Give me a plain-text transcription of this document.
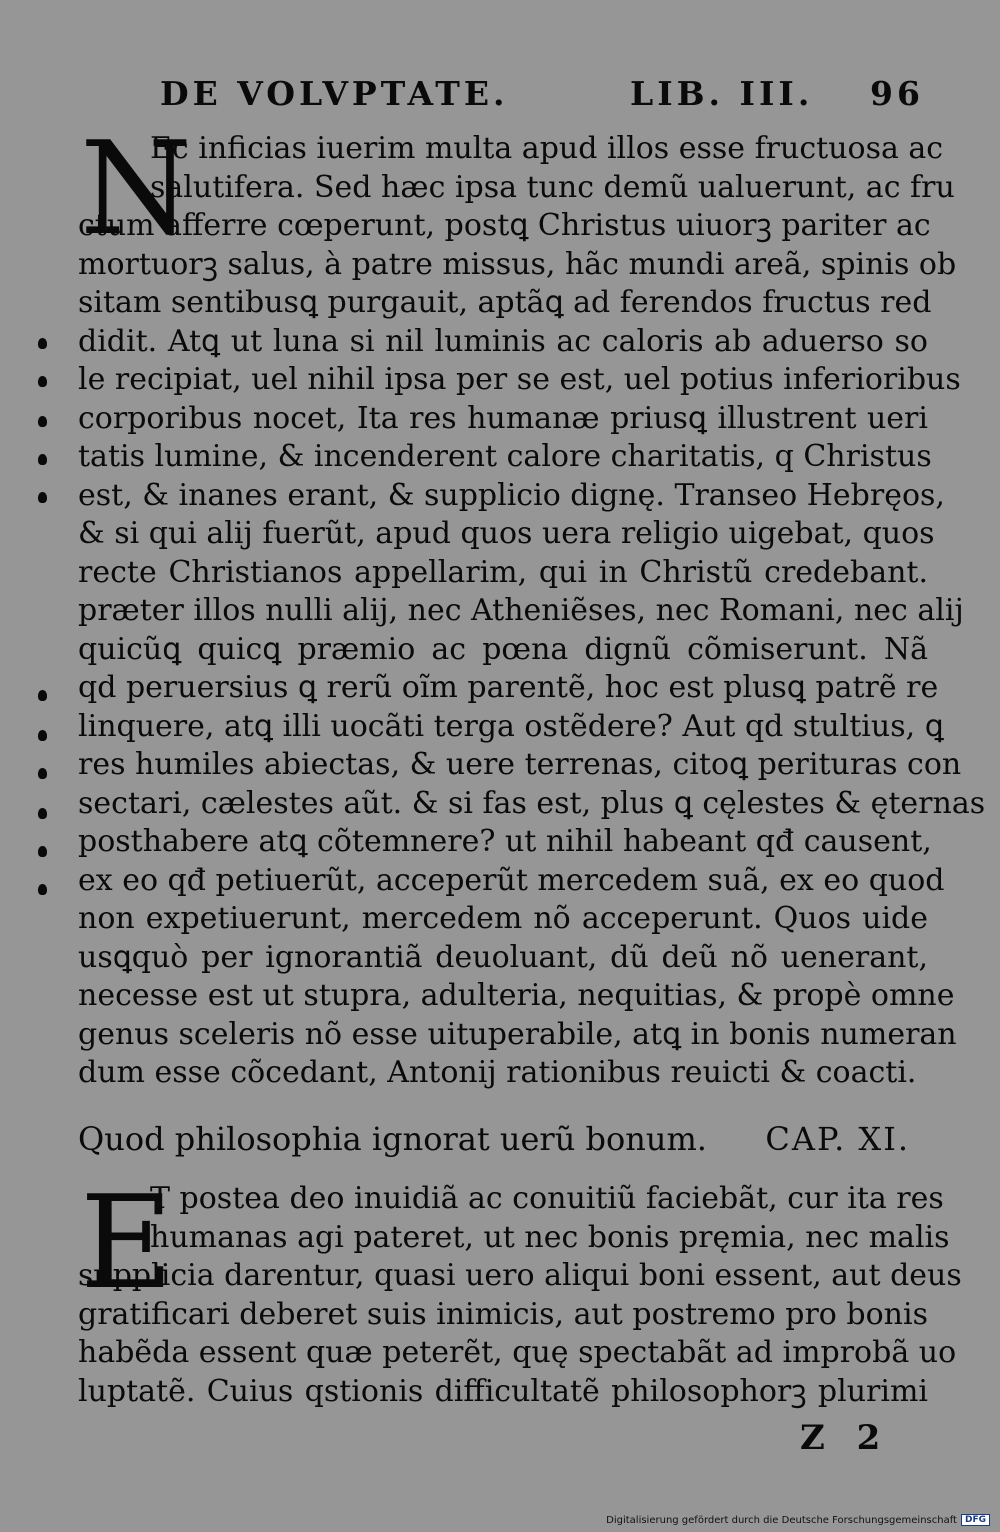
DE VOLVPTATE.	LIB. III. 96
N
Ec inficias iuerim multa apud illos esse fructuosa ac
salutifera. Sed hæc ipsa tunc demũ ualuerunt, ac fru
ctum afferre cœperunt, postꝗ Christus uiuorꝫ pariter ac
mortuorꝫ salus, à patre missus, hãc mundi areã, spinis ob
sitam sentibusꝗ purgauit, aptãꝗ ad ferendos fructus red
didit. Atꝗ ut luna si nil luminis ac caloris ab aduerso so
le recipiat, uel nihil ipsa per se est, uel potius inferioribus
corporibus nocet, Ita res humanæ priusꝗ illustrent ueri
tatis lumine, & incenderent calore charitatis, q Christus
est, & inanes erant, & supplicio dignę. Transeo Hebręos,
& si qui alij fuerũt, apud quos uera religio uigebat, quos
recte Christianos appellarim, qui in Christũ credebant.
præter illos nulli alij, nec Atheniẽses, nec Romani, nec alij
quicũꝗ quicꝗ præmio ac pœna dignũ cõmiserunt. Nã
qd peruersius ꝗ rerũ oĩm parentẽ, hoc est plusꝗ patrẽ re
linquere, atꝗ illi uocãti terga ostẽdere? Aut qd stultius, ꝗ
res humiles abiectas, & uere terrenas, citoꝗ perituras con
sectari, cælestes aũt. & si fas est, plus ꝗ cęlestes & ęternas
posthabere atꝗ cõtemnere? ut nihil habeant qđ causent,
ex eo qđ petiuerũt, acceperũt mercedem suã, ex eo quod
non expetiuerunt, mercedem nõ acceperunt. Quos uide
usꝗquò per ignorantiã deuoluant, dũ deũ nõ uenerant,
necesse est ut stupra, adulteria, nequitias, & propè omne
genus sceleris nõ esse uituperabile, atꝗ in bonis numeran
dum esse cõcedant, Antonij rationibus reuicti & coacti.
Quod philosophia ignorat uerũ bonum. CAP. XI.
E
T postea deo inuidiã ac conuitiũ faciebãt, cur ita res
humanas agi pateret, ut nec bonis pręmia, nec malis
supplicia darentur, quasi uero aliqui boni essent, aut deus
gratificari deberet suis inimicis, aut postremo pro bonis
habẽda essent quæ peterẽt, quę spectabãt ad improbã uo
luptatẽ. Cuius qstionis difficultatẽ philosophorꝫ plurimi
Z 2
Digitalisierung gefördert durch die Deutsche Forschungsgemeinschaft DFG
